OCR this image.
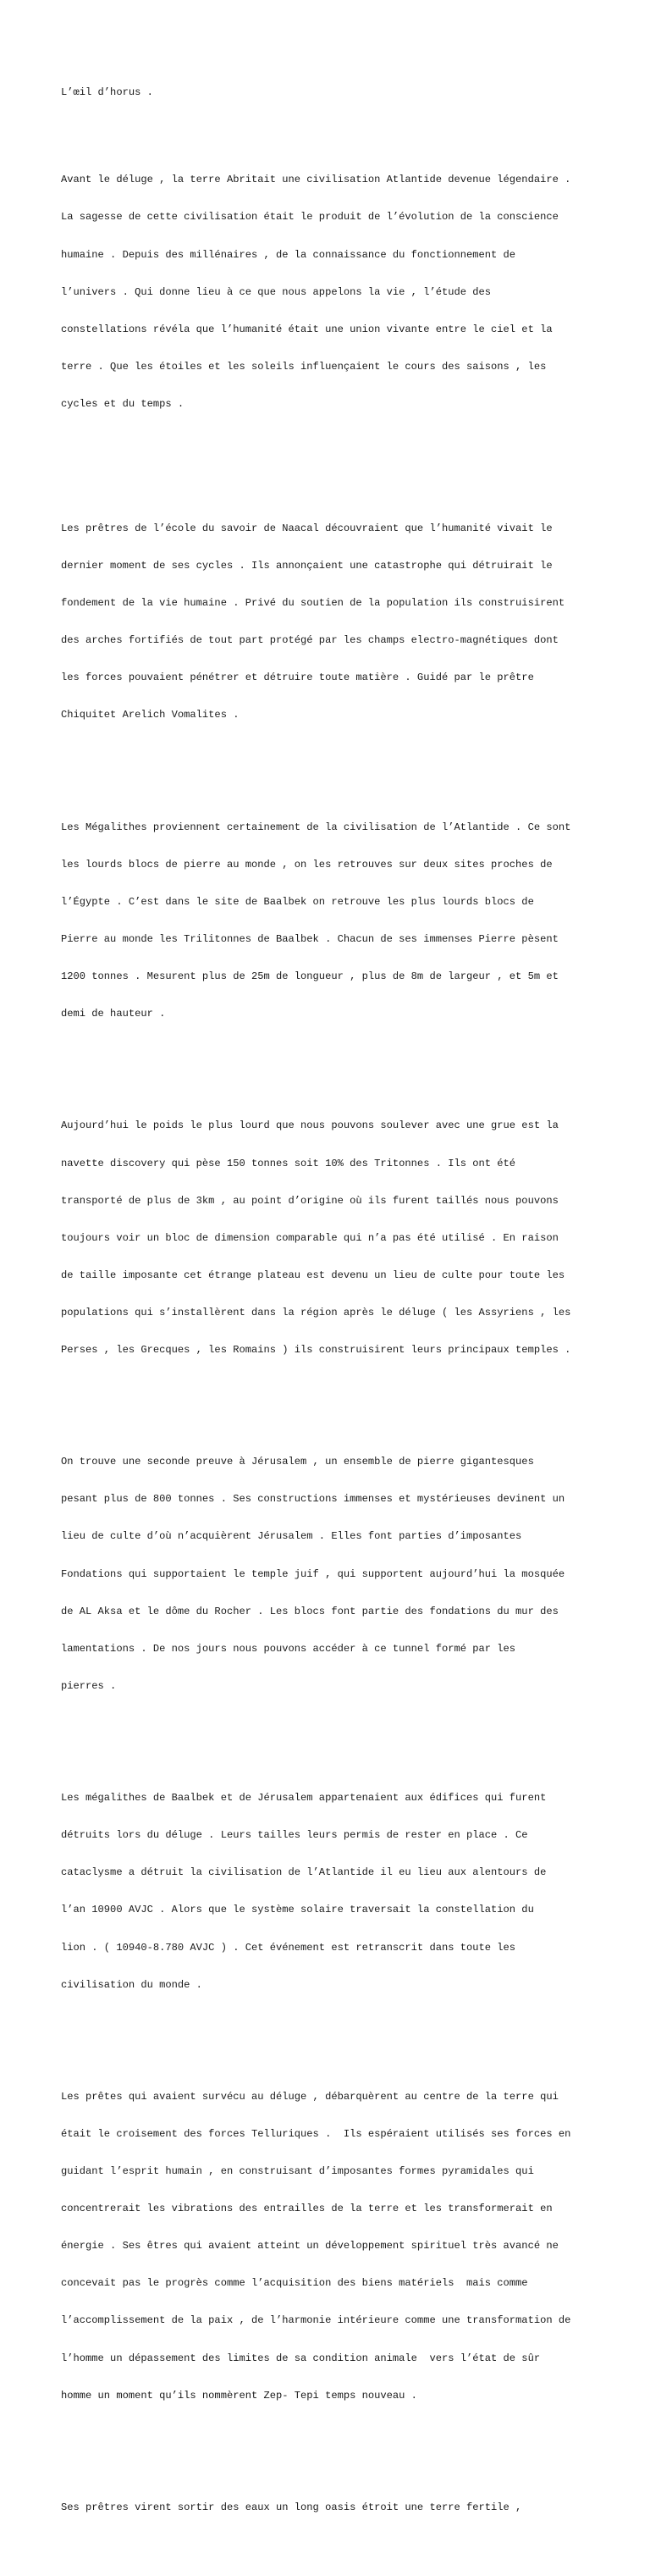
L’œil d’horus .

Avant le déluge , la terre Abritait une civilisation Atlantide devenue légendaire .

La sagesse de cette civilisation était le produit de l’évolution de la conscience

humaine . Depuis des millénaires , de la connaissance du fonctionnement de

l’univers . Qui donne lieu à ce que nous appelons la vie , l’étude des

constellations révéla que l’humanité était une union vivante entre le ciel et la

terre . Que les étoiles et les soleils influençaient le cours des saisons , les

cycles et du temps .

Les prêtres de l’école du savoir de Naacal découvraient que l’humanité vivait le

dernier moment de ses cycles . Ils annonçaient une catastrophe qui détruirait le

fondement de la vie humaine . Privé du soutien de la population ils construisirent

des arches fortifiés de tout part protégé par les champs electro-magnétiques dont

les forces pouvaient pénétrer et détruire toute matière . Guidé par le prêtre

Chiquitet Arelich Vomalites .

Les Mégalithes proviennent certainement de la civilisation de l’Atlantide . Ce sont

les lourds blocs de pierre au monde , on les retrouves sur deux sites proches de

l’Égypte . C’est dans le site de Baalbek on retrouve les plus lourds blocs de

Pierre au monde les Trilitonnes de Baalbek . Chacun de ses immenses Pierre pèsent

1200 tonnes . Mesurent plus de 25m de longueur , plus de 8m de largeur , et 5m et

demi de hauteur .

Aujourd’hui le poids le plus lourd que nous pouvons soulever avec une grue est la

navette discovery qui pèse 150 tonnes soit 10% des Tritonnes . Ils ont été

transporté de plus de 3km , au point d’origine où ils furent taillés nous pouvons

toujours voir un bloc de dimension comparable qui n’a pas été utilisé . En raison

de taille imposante cet étrange plateau est devenu un lieu de culte pour toute les

populations qui s’installèrent dans la région après le déluge ( les Assyriens , les

Perses , les Grecques , les Romains ) ils construisirent leurs principaux temples .

On trouve une seconde preuve à Jérusalem , un ensemble de pierre gigantesques

pesant plus de 800 tonnes . Ses constructions immenses et mystérieuses devinent un

lieu de culte d’où n’acquièrent Jérusalem . Elles font parties d’imposantes

Fondations qui supportaient le temple juif , qui supportent aujourd’hui la mosquée

de AL Aksa et le dôme du Rocher . Les blocs font partie des fondations du mur des

lamentations . De nos jours nous pouvons accéder à ce tunnel formé par les

pierres .

Les mégalithes de Baalbek et de Jérusalem appartenaient aux édifices qui furent

détruits lors du déluge . Leurs tailles leurs permis de rester en place . Ce

cataclysme a détruit la civilisation de l’Atlantide il eu lieu aux alentours de

l’an 10900 AVJC . Alors que le système solaire traversait la constellation du

lion . ( 10940-8.780 AVJC ) . Cet événement est retranscrit dans toute les

civilisation du monde .

Les prêtes qui avaient survécu au déluge , débarquèrent au centre de la terre qui

était le croisement des forces Telluriques .  Ils espéraient utilisés ses forces en

guidant l’esprit humain , en construisant d’imposantes formes pyramidales qui

concentrerait les vibrations des entrailles de la terre et les transformerait en

énergie . Ses êtres qui avaient atteint un développement spirituel très avancé ne

concevait pas le progrès comme l’acquisition des biens matériels  mais comme

l’accomplissement de la paix , de l’harmonie intérieure comme une transformation de

l’homme un dépassement des limites de sa condition animale  vers l’état de sûr

homme un moment qu’ils nommèrent Zep- Tepi temps nouveau .

Ses prêtres virent sortir des eaux un long oasis étroit une terre fertile ,
